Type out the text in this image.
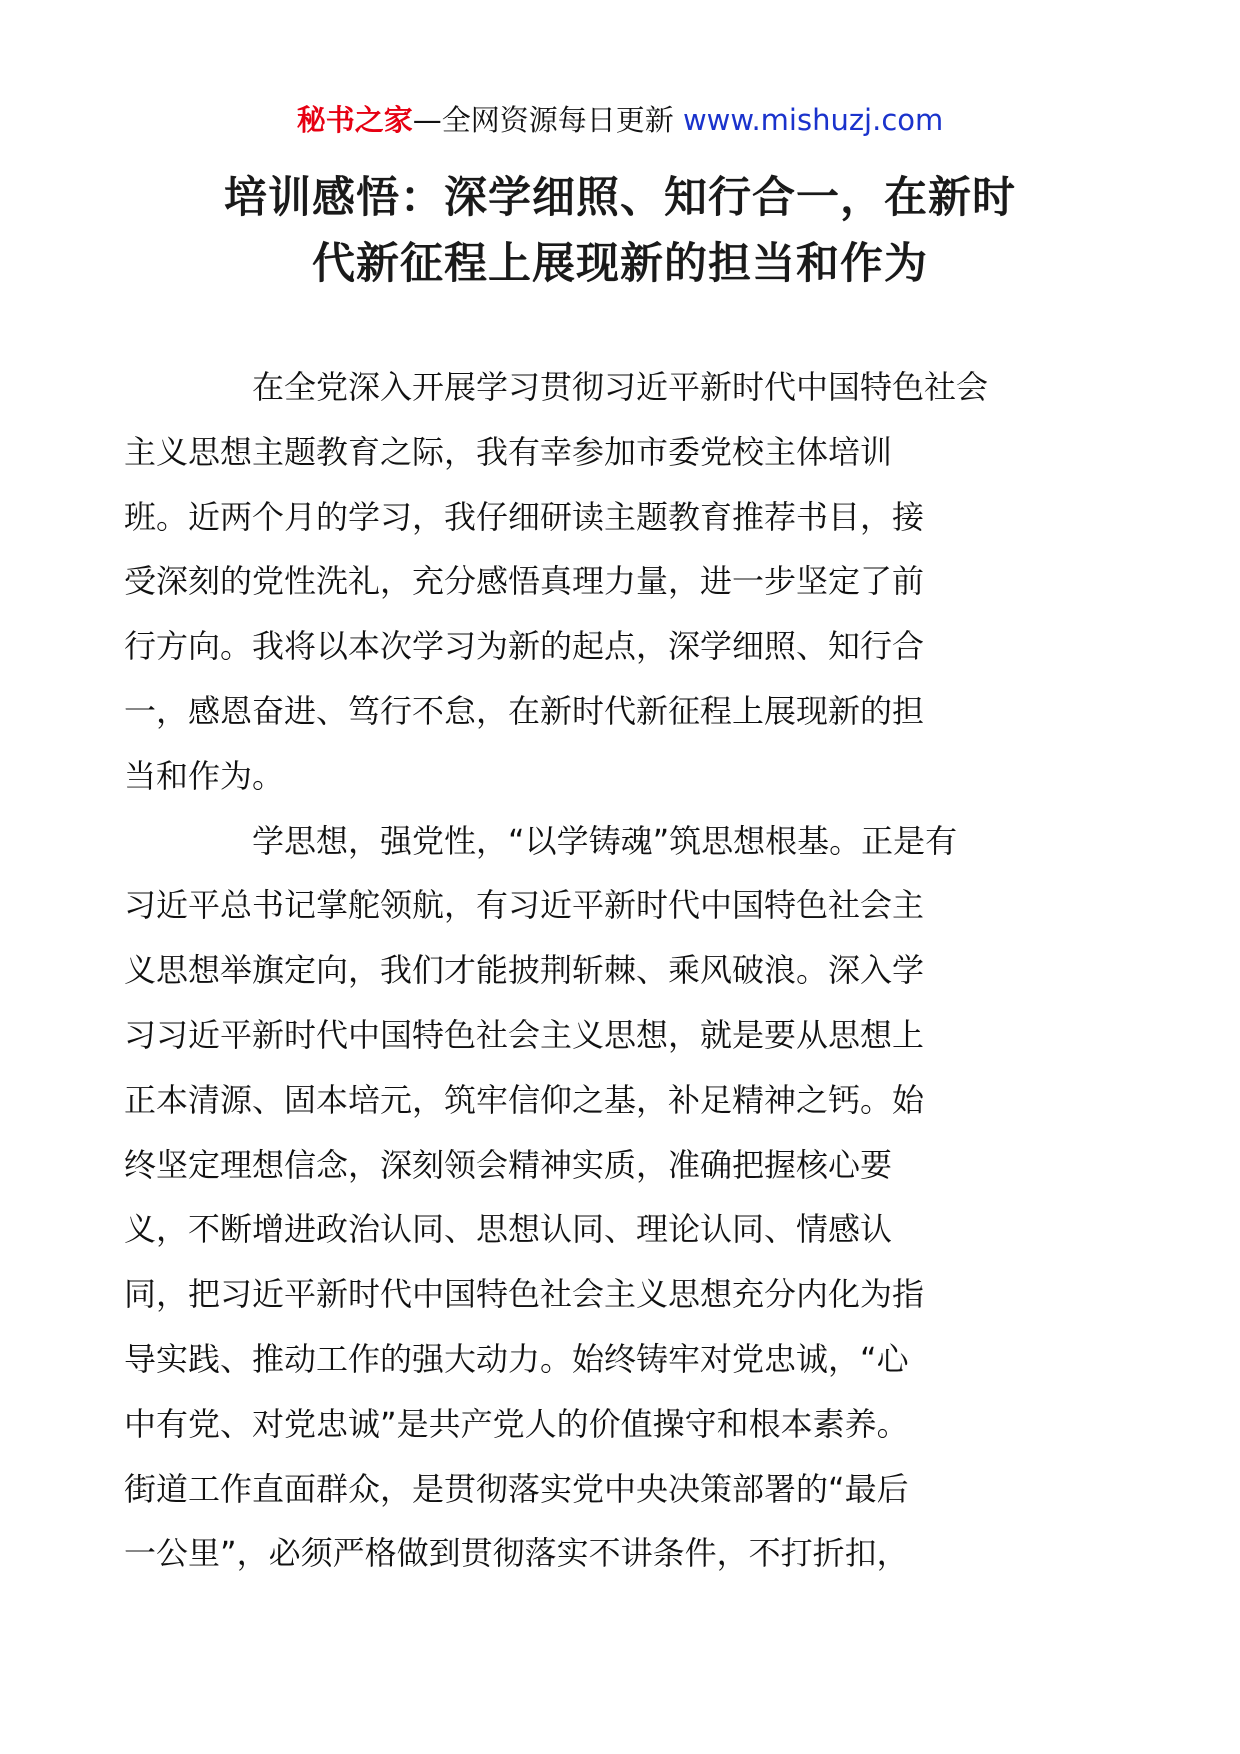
秘书之家—全网资源每日更新 www.mishuzj.com
培训感悟：深学细照、知行合一，在新时
代新征程上展现新的担当和作为

在全党深入开展学习贯彻习近平新时代中国特色社会
主义思想主题教育之际，我有幸参加市委党校主体培训
班。近两个月的学习，我仔细研读主题教育推荐书目，接
受深刻的党性洗礼，充分感悟真理力量，进一步坚定了前
行方向。我将以本次学习为新的起点，深学细照、知行合
一，感恩奋进、笃行不怠，在新时代新征程上展现新的担
当和作为。

学思想，强党性，“以学铸魂”筑思想根基。正是有
习近平总书记掌舵领航，有习近平新时代中国特色社会主
义思想举旗定向，我们才能披荆斩棘、乘风破浪。深入学
习习近平新时代中国特色社会主义思想，就是要从思想上
正本清源、固本培元，筑牢信仰之基，补足精神之钙。始
终坚定理想信念，深刻领会精神实质，准确把握核心要
义，不断增进政治认同、思想认同、理论认同、情感认
同，把习近平新时代中国特色社会主义思想充分内化为指
导实践、推动工作的强大动力。始终铸牢对党忠诚，“心
中有党、对党忠诚”是共产党人的价值操守和根本素养。
街道工作直面群众，是贯彻落实党中央决策部署的“最后
一公里”，必须严格做到贯彻落实不讲条件，不打折扣，
